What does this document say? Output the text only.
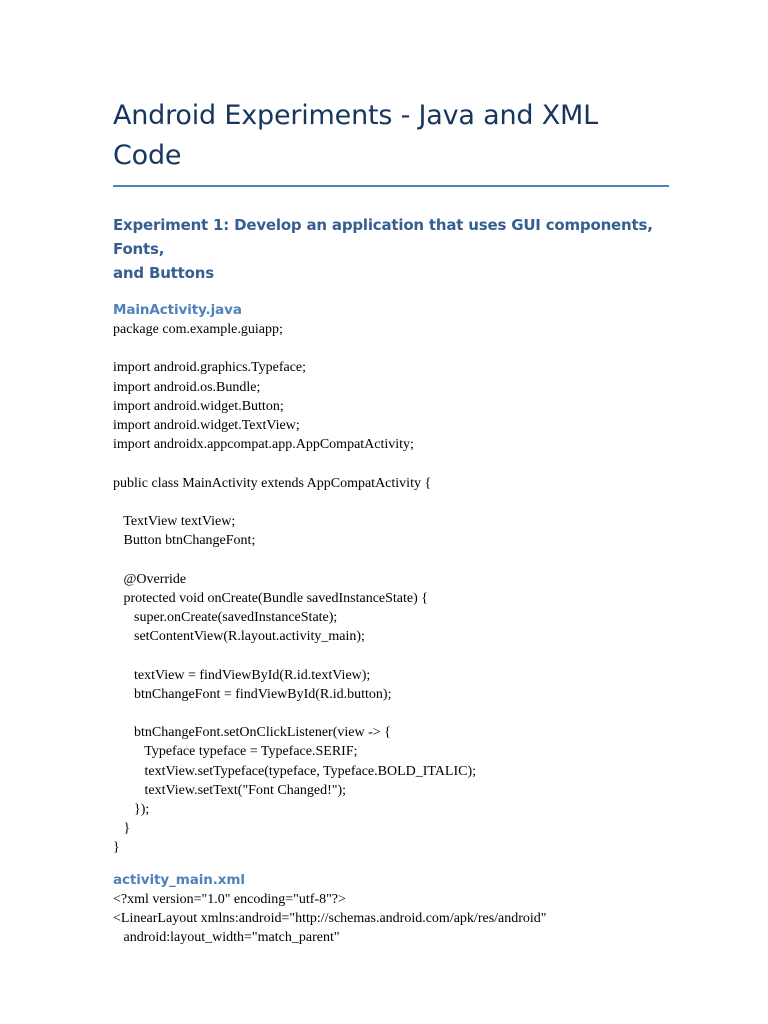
Android Experiments - Java and XML
Code
Experiment 1: Develop an application that uses GUI components, Fonts,
and Buttons
MainActivity.java
package com.example.guiapp;
import android.graphics.Typeface;
import android.os.Bundle;
import android.widget.Button;
import android.widget.TextView;
import androidx.appcompat.app.AppCompatActivity;
public class MainActivity extends AppCompatActivity {
TextView textView;
Button btnChangeFont;
@Override
protected void onCreate(Bundle savedInstanceState) {
super.onCreate(savedInstanceState);
setContentView(R.layout.activity_main);
textView = findViewById(R.id.textView);
btnChangeFont = findViewById(R.id.button);
btnChangeFont.setOnClickListener(view -> {
Typeface typeface = Typeface.SERIF;
textView.setTypeface(typeface, Typeface.BOLD_ITALIC);
textView.setText("Font Changed!");
});
}
}
activity_main.xml
<?xml version="1.0" encoding="utf-8"?>
<LinearLayout xmlns:android="http://schemas.android.com/apk/res/android"
android:layout_width="match_parent"
